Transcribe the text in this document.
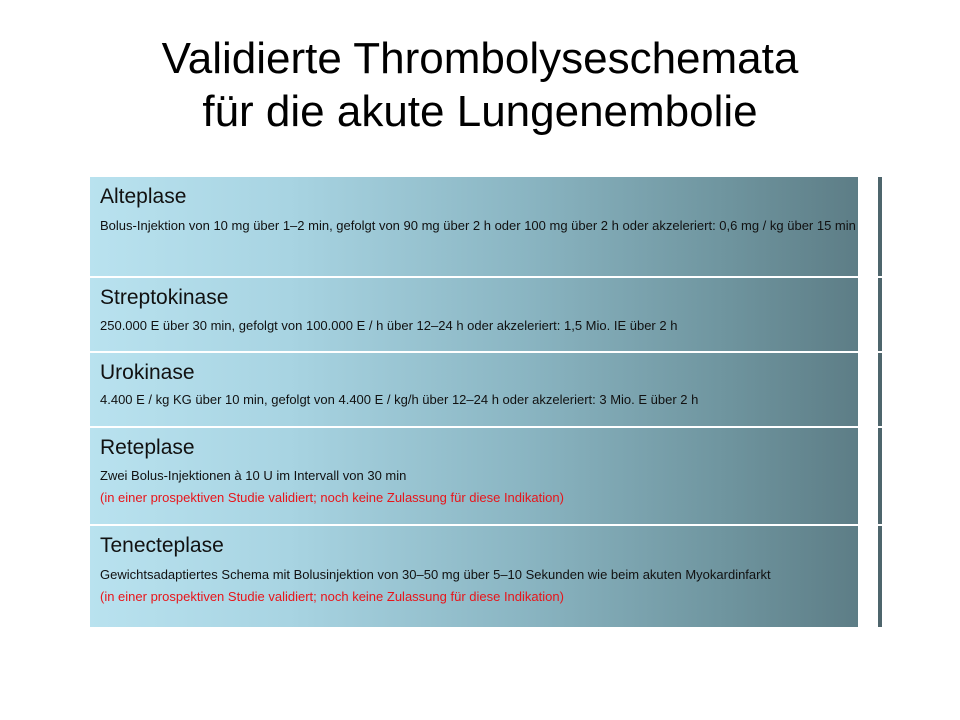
Validierte Thrombolyseschemata
für die akute Lungenembolie
Alteplase
Bolus-Injektion von 10 mg über 1–2 min, gefolgt von 90 mg über 2 h oder 100 mg über 2 h oder akzeleriert: 0,6 mg / kg über 15 min
Streptokinase
250.000 E über 30 min, gefolgt von 100.000 E / h über 12–24 h oder akzeleriert: 1,5 Mio. IE über 2 h
Urokinase
4.400 E / kg KG über 10 min, gefolgt von 4.400 E / kg/h über 12–24 h oder akzeleriert: 3 Mio. E über 2 h
Reteplase
Zwei Bolus-Injektionen à 10 U im Intervall von 30 min
(in einer prospektiven Studie validiert; noch keine Zulassung für diese Indikation)
Tenecteplase
Gewichtsadaptiertes Schema mit Bolusinjektion von 30–50 mg über 5–10 Sekunden wie beim akuten Myokardinfarkt
(in einer prospektiven Studie validiert; noch keine Zulassung für diese Indikation)
